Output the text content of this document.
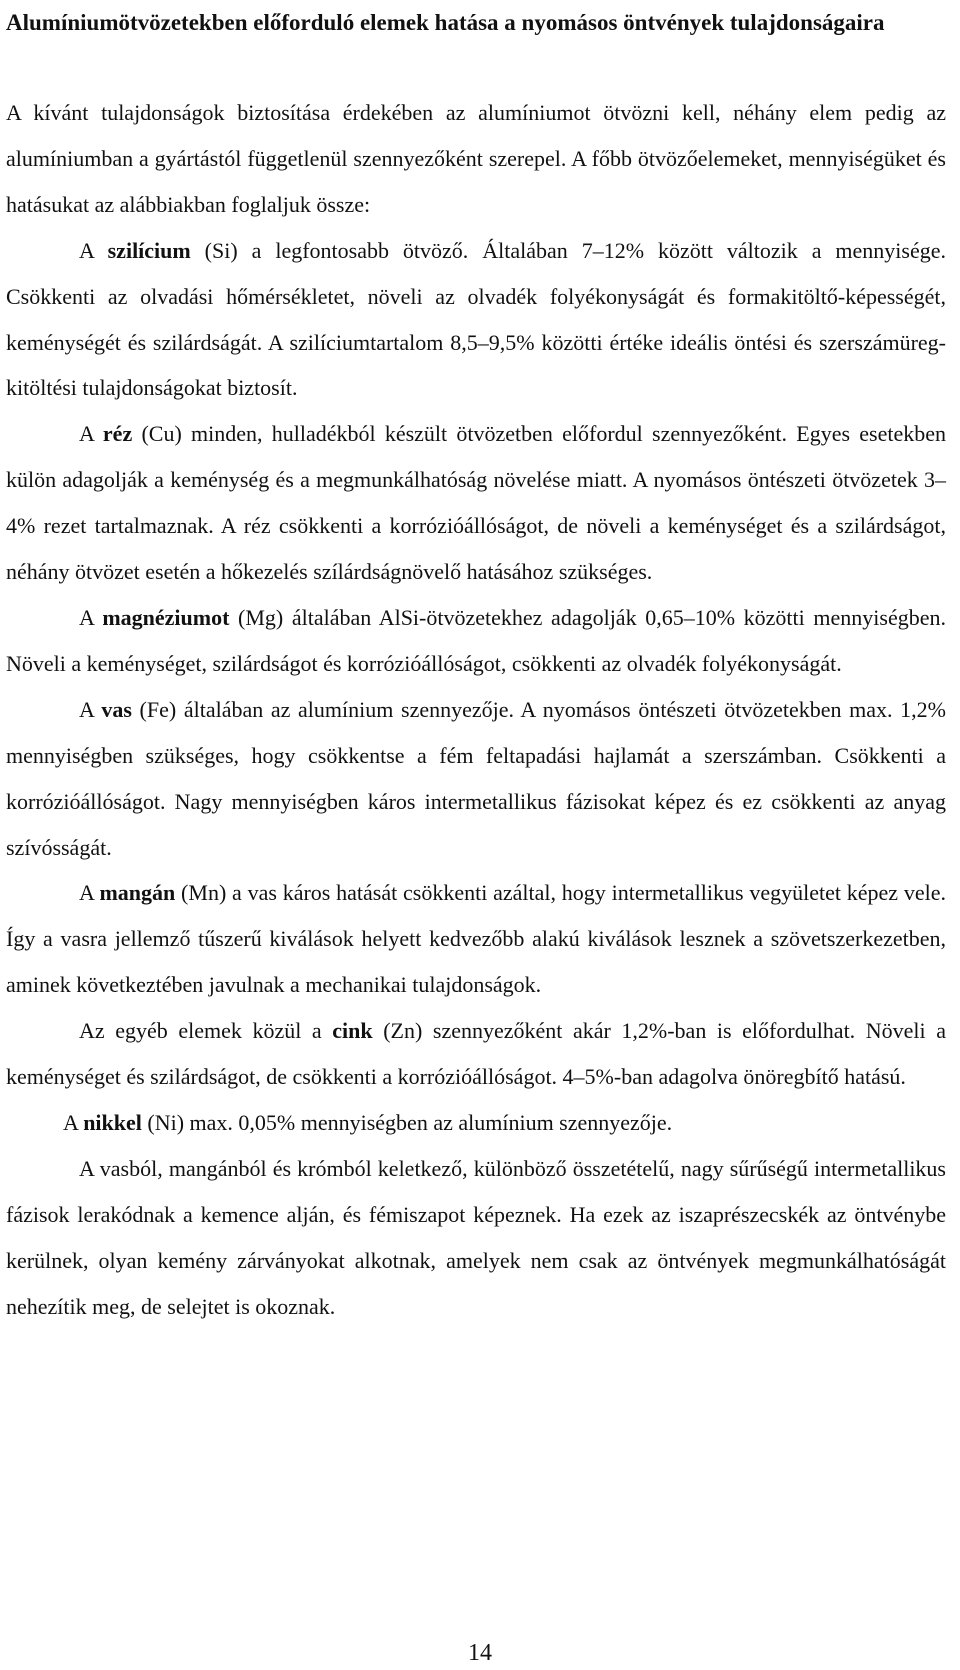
Alumíniumötvözetekben előforduló elemek hatása a nyomásos öntvények tulajdonságaira

A kívánt tulajdonságok biztosítása érdekében az alumíniumot ötvözni kell, néhány elem pedig az alumíniumban a gyártástól függetlenül szennyezőként szerepel. A főbb ötvözőelemeket, mennyiségüket és hatásukat az alábbiakban foglaljuk össze:

A szilícium (Si) a legfontosabb ötvöző. Általában 7–12% között változik a mennyisége. Csökkenti az olvadási hőmérsékletet, növeli az olvadék folyékonyságát és formakitöltő-képességét, keménységét és szilárdságát. A szilíciumtartalom 8,5–9,5% közötti értéke ideális öntési és szerszámüreg-kitöltési tulajdonságokat biztosít.

A réz (Cu) minden, hulladékból készült ötvözetben előfordul szennyezőként. Egyes esetekben külön adagolják a keménység és a megmunkálhatóság növelése miatt. A nyomásos öntészeti ötvözetek 3–4% rezet tartalmaznak. A réz csökkenti a korrózióállóságot, de növeli a keménységet és a szilárdságot, néhány ötvözet esetén a hőkezelés szílárdságnövelő hatásához szükséges.

A magnéziumot (Mg) általában AlSi-ötvözetekhez adagolják 0,65–10% közötti mennyiségben. Növeli a keménységet, szilárdságot és korrózióállóságot, csökkenti az olvadék folyékonyságát.

A vas (Fe) általában az alumínium szennyezője. A nyomásos öntészeti ötvözetekben max. 1,2% mennyiségben szükséges, hogy csökkentse a fém feltapadási hajlamát a szerszámban. Csökkenti a korrózióállóságot. Nagy mennyiségben káros intermetallikus fázisokat képez és ez csökkenti az anyag szívósságát.

A mangán (Mn) a vas káros hatását csökkenti azáltal, hogy intermetallikus vegyületet képez vele. Így a vasra jellemző tűszerű kiválások helyett kedvezőbb alakú kiválások lesznek a szövetszerkezetben, aminek következtében javulnak a mechanikai tulajdonságok.

Az egyéb elemek közül a cink (Zn) szennyezőként akár 1,2%-ban is előfordulhat. Növeli a keménységet és szilárdságot, de csökkenti a korrózióállóságot. 4–5%-ban adagolva önöregbítő hatású.

A nikkel (Ni) max. 0,05% mennyiségben az alumínium szennyezője.

A vasból, mangánból és krómból keletkező, különböző összetételű, nagy sűrűségű intermetallikus fázisok lerakódnak a kemence alján, és fémiszapot képeznek. Ha ezek az iszaprészecskék az öntvénybe kerülnek, olyan kemény zárványokat alkotnak, amelyek nem csak az öntvények megmunkálhatóságát nehezítik meg, de selejtet is okoznak.

14
